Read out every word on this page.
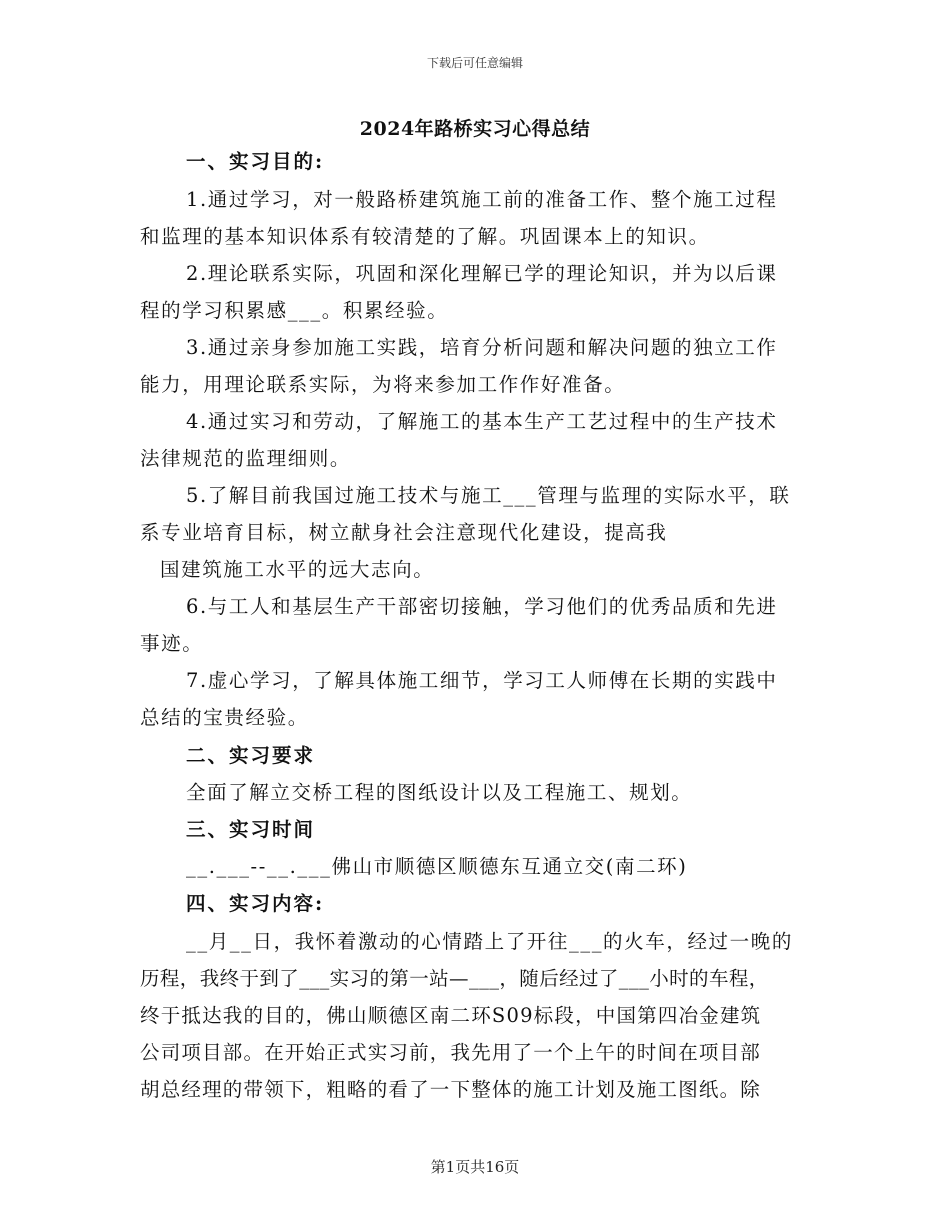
下载后可任意编辑
2024年路桥实习心得总结
一、实习目的:
1.通过学习，对一般路桥建筑施工前的准备工作、整个施工过程
和监理的基本知识体系有较清楚的了解。巩固课本上的知识。
2.理论联系实际，巩固和深化理解已学的理论知识，并为以后课
程的学习积累感___。积累经验。
3.通过亲身参加施工实践，培育分析问题和解决问题的独立工作
能力，用理论联系实际，为将来参加工作作好准备。
4.通过实习和劳动，了解施工的基本生产工艺过程中的生产技术
法律规范的监理细则。
5.了解目前我国过施工技术与施工___管理与监理的实际水平，联
系专业培育目标，树立献身社会注意现代化建设，提高我
国建筑施工水平的远大志向。
6.与工人和基层生产干部密切接触，学习他们的优秀品质和先进
事迹。
7.虚心学习，了解具体施工细节，学习工人师傅在长期的实践中
总结的宝贵经验。
二、实习要求
全面了解立交桥工程的图纸设计以及工程施工、规划。
三、实习时间
__.___--__.___佛山市顺德区顺德东互通立交(南二环)
四、实习内容:
__月__日，我怀着激动的心情踏上了开往___的火车，经过一晚的
历程，我终于到了___实习的第一站—___，随后经过了___小时的车程，
终于抵达我的目的，佛山顺德区南二环S09标段，中国第四冶金建筑
公司项目部。在开始正式实习前，我先用了一个上午的时间在项目部
胡总经理的带领下，粗略的看了一下整体的施工计划及施工图纸。除
第1页共16页
